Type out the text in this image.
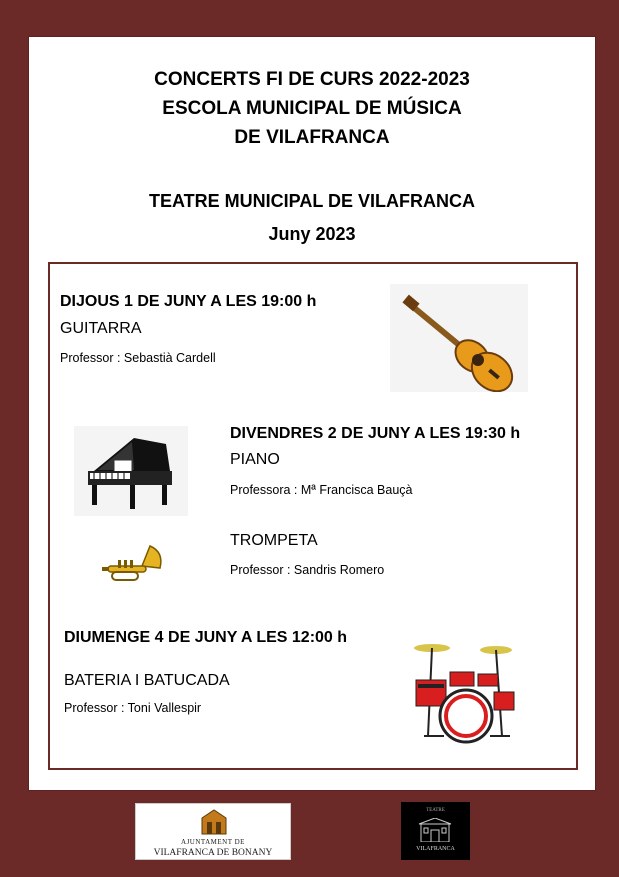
CONCERTS FI DE CURS 2022-2023
ESCOLA MUNICIPAL DE MÚSICA
DE VILAFRANCA
TEATRE MUNICIPAL DE VILAFRANCA
Juny 2023
DIJOUS 1 DE JUNY A LES 19:00 h
GUITARRA
Professor : Sebastià Cardell
DIVENDRES 2 DE JUNY A LES 19:30 h
PIANO
Professora : Mª Francisca Bauçà
TROMPETA
Professor : Sandris Romero
DIUMENGE 4 DE JUNY A LES 12:00 h
BATERIA I BATUCADA
Professor : Toni Vallespir
AJUNTAMENT DE
VILAFRANCA DE BONANY
TEATRE
VILAFRANCA
